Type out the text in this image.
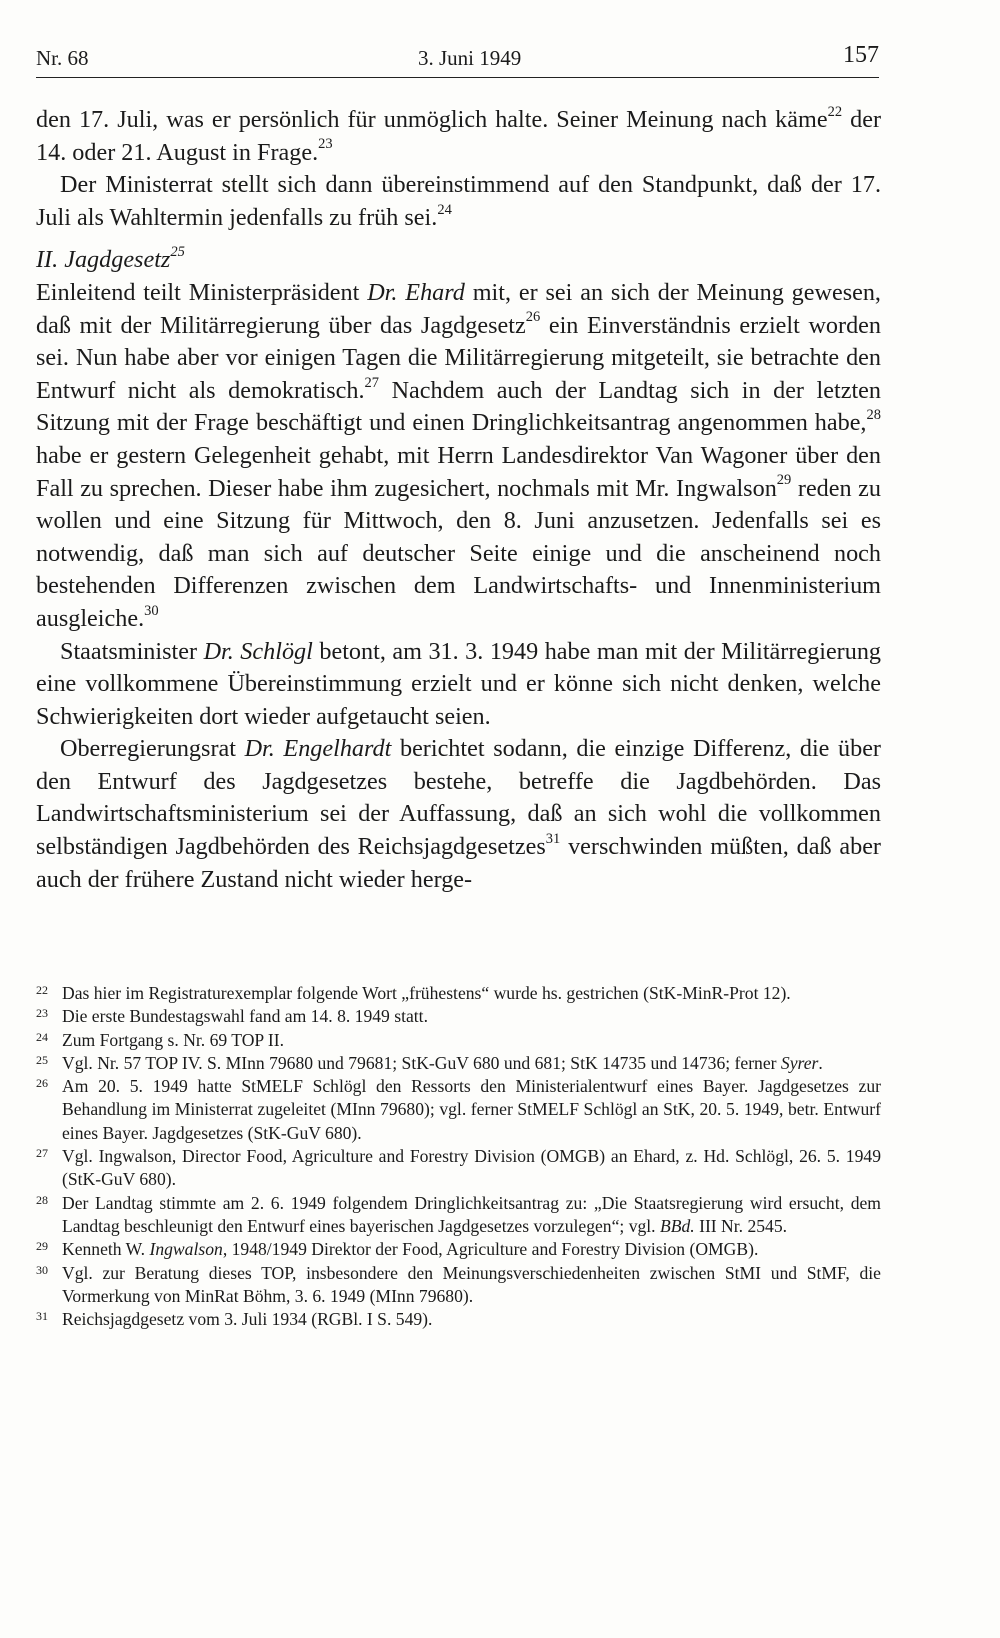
Nr. 68	3. Juni 1949	157

den 17. Juli, was er persönlich für unmöglich halte. Seiner Meinung nach käme$^{22}$ der 14. oder 21. August in Frage.$^{23}$

Der Ministerrat stellt sich dann übereinstimmend auf den Standpunkt, daß der 17. Juli als Wahltermin jedenfalls zu früh sei.$^{24}$

II. Jagdgesetz$^{25}$

Einleitend teilt Ministerpräsident Dr. Ehard mit, er sei an sich der Meinung gewesen, daß mit der Militärregierung über das Jagdgesetz$^{26}$ ein Einverständnis erzielt worden sei. Nun habe aber vor einigen Tagen die Militärregierung mitgeteilt, sie betrachte den Entwurf nicht als demokratisch.$^{27}$ Nachdem auch der Landtag sich in der letzten Sitzung mit der Frage beschäftigt und einen Dringlichkeitsantrag angenommen habe,$^{28}$ habe er gestern Gelegenheit gehabt, mit Herrn Landesdirektor Van Wagoner über den Fall zu sprechen. Dieser habe ihm zugesichert, nochmals mit Mr. Ingwalson$^{29}$ reden zu wollen und eine Sitzung für Mittwoch, den 8. Juni anzusetzen. Jedenfalls sei es notwendig, daß man sich auf deutscher Seite einige und die anscheinend noch bestehenden Differenzen zwischen dem Landwirtschafts- und Innenministerium ausgleiche.$^{30}$

Staatsminister Dr. Schlögl betont, am 31. 3. 1949 habe man mit der Militärregierung eine vollkommene Übereinstimmung erzielt und er könne sich nicht denken, welche Schwierigkeiten dort wieder aufgetaucht seien.

Oberregierungsrat Dr. Engelhardt berichtet sodann, die einzige Differenz, die über den Entwurf des Jagdgesetzes bestehe, betreffe die Jagdbehörden. Das Landwirtschaftsministerium sei der Auffassung, daß an sich wohl die vollkommen selbständigen Jagdbehörden des Reichsjagdgesetzes$^{31}$ verschwinden müßten, daß aber auch der frühere Zustand nicht wieder herge-

22 Das hier im Registraturexemplar folgende Wort „frühestens“ wurde hs. gestrichen (StK-MinR-Prot 12).
23 Die erste Bundestagswahl fand am 14. 8. 1949 statt.
24 Zum Fortgang s. Nr. 69 TOP II.
25 Vgl. Nr. 57 TOP IV. S. MInn 79680 und 79681; StK-GuV 680 und 681; StK 14735 und 14736; ferner Syrer.
26 Am 20. 5. 1949 hatte StMELF Schlögl den Ressorts den Ministerialentwurf eines Bayer. Jagdgesetzes zur Behandlung im Ministerrat zugeleitet (MInn 79680); vgl. ferner StMELF Schlögl an StK, 20. 5. 1949, betr. Entwurf eines Bayer. Jagdgesetzes (StK-GuV 680).
27 Vgl. Ingwalson, Director Food, Agriculture and Forestry Division (OMGB) an Ehard, z. Hd. Schlögl, 26. 5. 1949 (StK-GuV 680).
28 Der Landtag stimmte am 2. 6. 1949 folgendem Dringlichkeitsantrag zu: „Die Staatsregierung wird ersucht, dem Landtag beschleunigt den Entwurf eines bayerischen Jagdgesetzes vorzulegen“; vgl. BBd. III Nr. 2545.
29 Kenneth W. Ingwalson, 1948/1949 Direktor der Food, Agriculture and Forestry Division (OMGB).
30 Vgl. zur Beratung dieses TOP, insbesondere den Meinungsverschiedenheiten zwischen StMI und StMF, die Vormerkung von MinRat Böhm, 3. 6. 1949 (MInn 79680).
31 Reichsjagdgesetz vom 3. Juli 1934 (RGBl. I S. 549).
